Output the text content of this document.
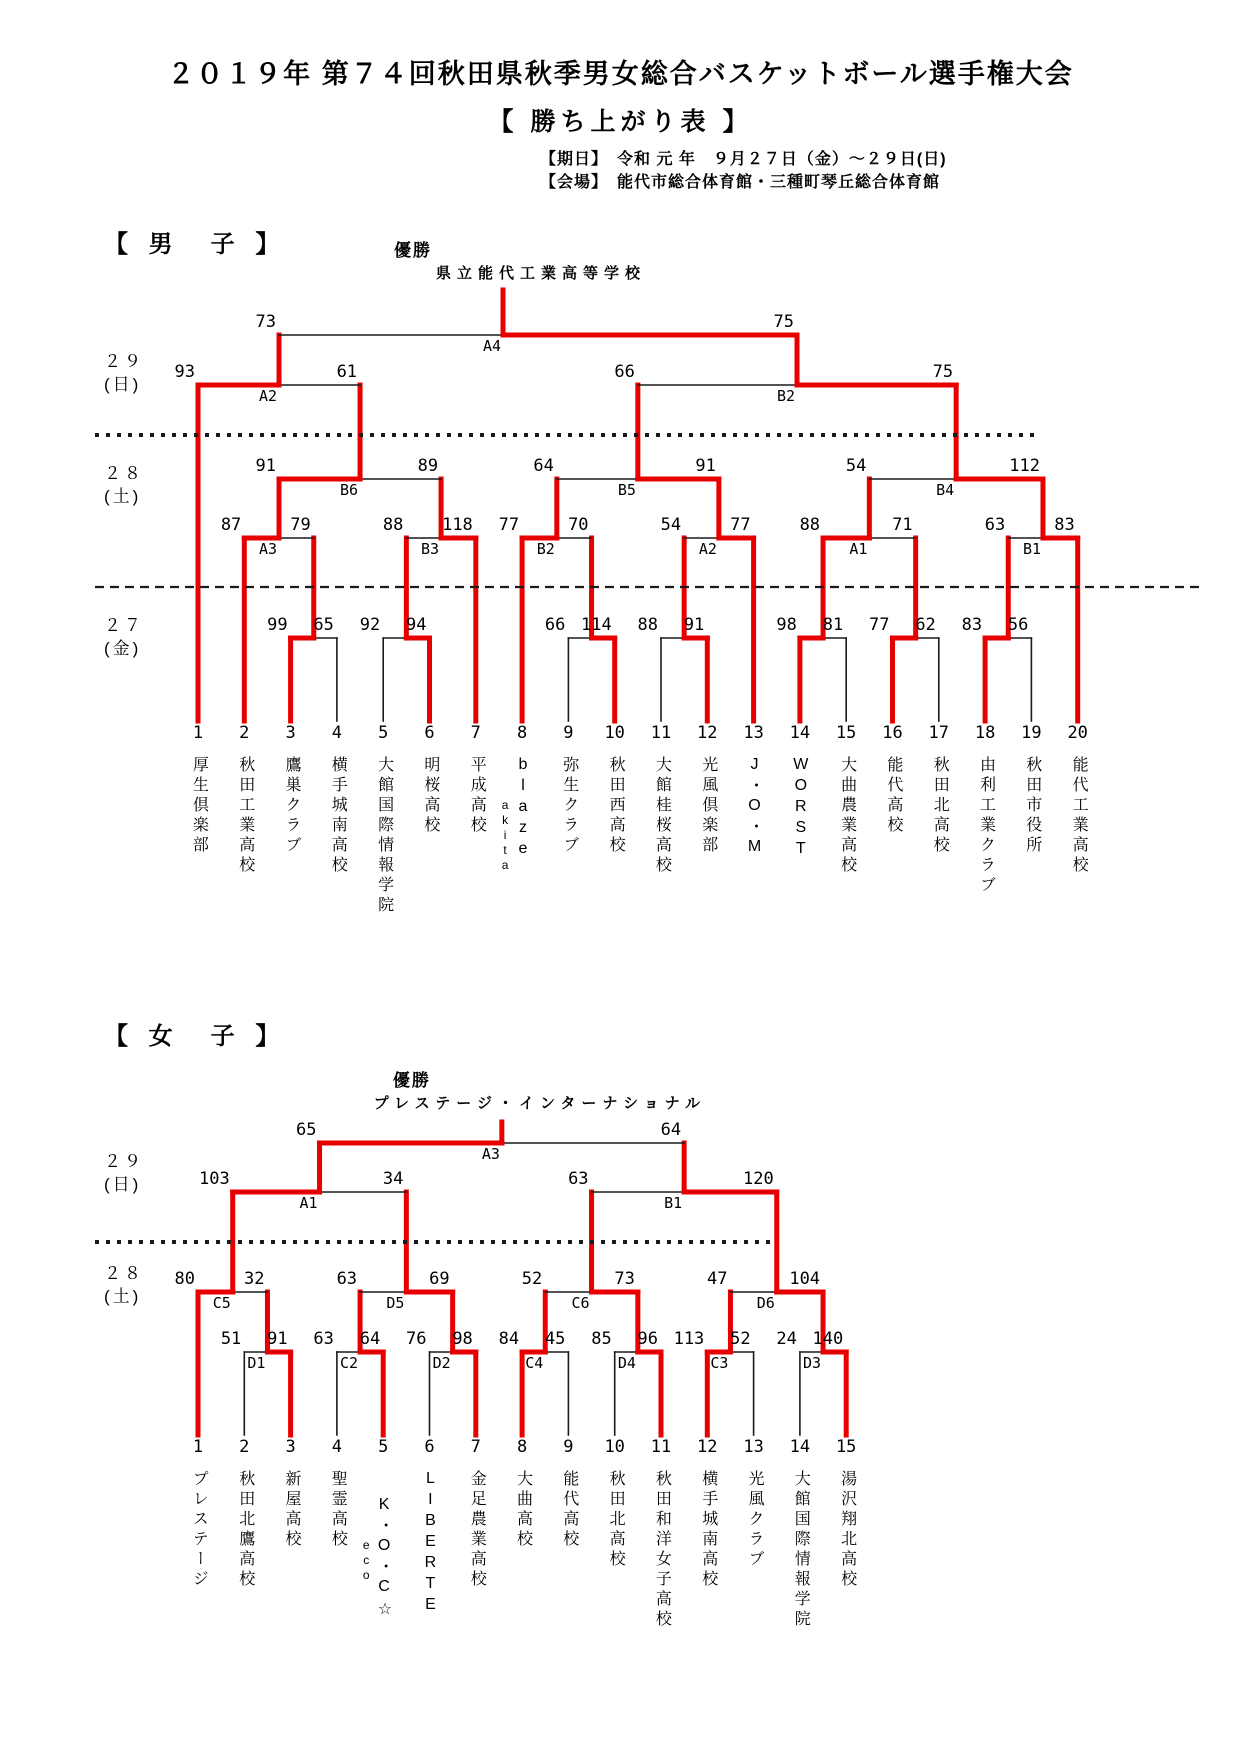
２０１９年 第７４回秋田県秋季男女総合バスケットボール選手権大会
【 勝ち上がり表 】
【期日】　令和 元 年　９月２７日（金）～２９日(日)
【会場】　能代市総合体育館・三種町琴丘総合体育館
【 男　子 】
【 女　子 】
99	65	92	94	66 114	88	91	98	81	77	62	83	56
87	79
A3
88	118
B3
77	70
B2
54	77
A2
88	71
A1
63	83
B1
91	89
B6
64	91
B5
54	112
B4
93	61
A2
66	75
B2
73	75
A4
1
厚生倶楽部
2
秋田工業高校
3
鷹巣クラブ
4
横手城南高校
5
大館国際情報学院
6
明桜高校
7
平成高校
8
blaze
akita
9
弥生クラブ
10
秋田西高校
11
大館桂桜高校
12
光風倶楽部
13
J・O・M
14
WORST
15
大曲農業高校
16
能代高校
17
秋田北高校
18
由利工業クラブ
19
秋田市役所
20
能代工業高校
優勝
県立能代工業高等学校
２９
(日)
２８
(土)
２７
(金)
51	91
D1
63	64
C2
76	98
D2
84	45
C4
85	96
D4
113	52
C3
24 140
D3
80	32
C5
63	69
D5
52	73
C6
47	104
D6
103	34
A1
63	120
B1
65	64
A3
1
プレステージ
2
秋田北鷹高校
3
新屋高校
4
聖霊高校
5
K・O・C☆
eco
6
LIBERTE
7
金足農業高校
8
大曲高校
9
能代高校
10
秋田北高校
11
秋田和洋女子高校
12
横手城南高校
13
光風クラブ
14
大館国際情報学院
15
湯沢翔北高校
優勝
プレステージ・インターナショナル
２９
(日)
２８
(土)
